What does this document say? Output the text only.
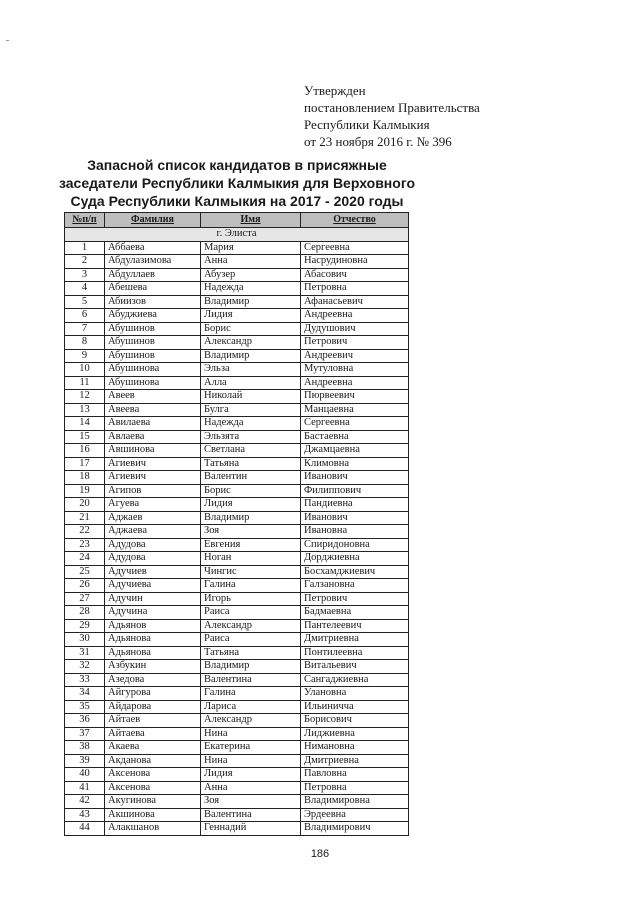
Утвержден
постановлением Правительства
Республики Калмыкия
от 23 ноября 2016 г. № 396
Запасной список кандидатов в присяжные
заседатели Республики Калмыкия для Верховного
Суда Республики Калмыкия на 2017 - 2020 годы
№п/п	Фамилия	Имя	Отчество
г. Элиста			
1	Аббаева	Мария	Сергеевна
2	Абдулазимова	Анна	Насрудиновна
3	Абдуллаев	Абузер	Абасович
4	Абешева	Надежда	Петровна
5	Абиизов	Владимир	Афанасьевич
6	Абуджиева	Лидия	Андреевна
7	Абушинов	Борис	Дудушович
8	Абушинов	Александр	Петрович
9	Абушинов	Владимир	Андреевич
10	Абушинова	Эльза	Мутуловна
11	Абушинова	Алла	Андреевна
12	Авеев	Николай	Пюрвеевич
13	Авеева	Булга	Манцаевна
14	Авилаева	Надежда	Сергеевна
15	Авлаева	Эльзята	Бастаевна
16	Авшинова	Светлана	Джамцаевна
17	Агиевич	Татьяна	Климовна
18	Агиевич	Валентин	Иванович
19	Агипов	Борис	Филиппович
20	Агуева	Лидия	Пандиевна
21	Аджаев	Владимир	Иванович
22	Аджаева	Зоя	Ивановна
23	Адудова	Евгения	Спиридоновна
24	Адудова	Ноган	Дорджиевна
25	Адучиев	Чингис	Босхамджиевич
26	Адучиева	Галина	Галзановна
27	Адучин	Игорь	Петрович
28	Адучина	Раиса	Бадмаевна
29	Адьянов	Александр	Пантелеевич
30	Адьянова	Раиса	Дмитриевна
31	Адьянова	Татьяна	Понтилеевна
32	Азбукин	Владимир	Витальевич
33	Азедова	Валентина	Сангаджиевна
34	Айгурова	Галина	Улановна
35	Айдарова	Лариса	Ильиничча
36	Айтаев	Александр	Борисович
37	Айтаева	Нина	Лиджиевна
38	Акаева	Екатерина	Нимановна
39	Акданова	Нина	Дмитриевна
40	Аксенова	Лидия	Павловна
41	Аксенова	Анна	Петровна
42	Акугинова	Зоя	Владимировна
43	Акшинова	Валентина	Эрдеевна
44	Алакшанов	Геннадий	Владимирович
186
